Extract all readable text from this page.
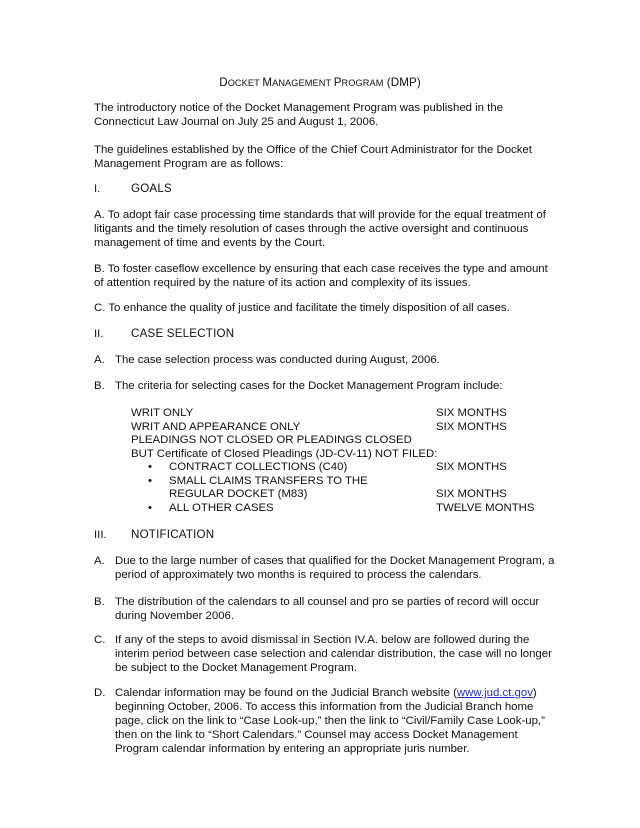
DOCKET MANAGEMENT PROGRAM (DMP)
The introductory notice of the Docket Management Program was published in the Connecticut Law Journal on July 25 and August 1, 2006.
The guidelines established by the Office of the Chief Court Administrator for the Docket Management Program are as follows:
I.	GOALS
A. To adopt fair case processing time standards that will provide for the equal treatment of litigants and the timely resolution of cases through the active oversight and continuous management of time and events by the Court.
B. To foster caseflow excellence by ensuring that each case receives the type and amount of attention required by the nature of its action and complexity of its issues.
C. To enhance the quality of justice and facilitate the timely disposition of all cases.
II. CASE SELECTION
A. The case selection process was conducted during August, 2006.
B. The criteria for selecting cases for the Docket Management Program include:
WRIT ONLY	SIX MONTHS
WRIT AND APPEARANCE ONLY	SIX MONTHS
PLEADINGS NOT CLOSED OR PLEADINGS CLOSED
BUT Certificate of Closed Pleadings (JD-CV-11) NOT FILED:
• CONTRACT COLLECTIONS (C40)	SIX MONTHS
• SMALL CLAIMS TRANSFERS TO THE
REGULAR DOCKET (M83)	SIX MONTHS
• ALL OTHER CASES	TWELVE MONTHS
III. NOTIFICATION
A. Due to the large number of cases that qualified for the Docket Management Program, a period of approximately two months is required to process the calendars.
B. The distribution of the calendars to all counsel and pro se parties of record will occur during November 2006.
C. If any of the steps to avoid dismissal in Section IV.A. below are followed during the interim period between case selection and calendar distribution, the case will no longer be subject to the Docket Management Program.
D. Calendar information may be found on the Judicial Branch website (www.jud.ct.gov) beginning October, 2006. To access this information from the Judicial Branch home page, click on the link to “Case Look-up,” then the link to “Civil/Family Case Look-up,” then on the link to “Short Calendars.” Counsel may access Docket Management Program calendar information by entering an appropriate juris number.
